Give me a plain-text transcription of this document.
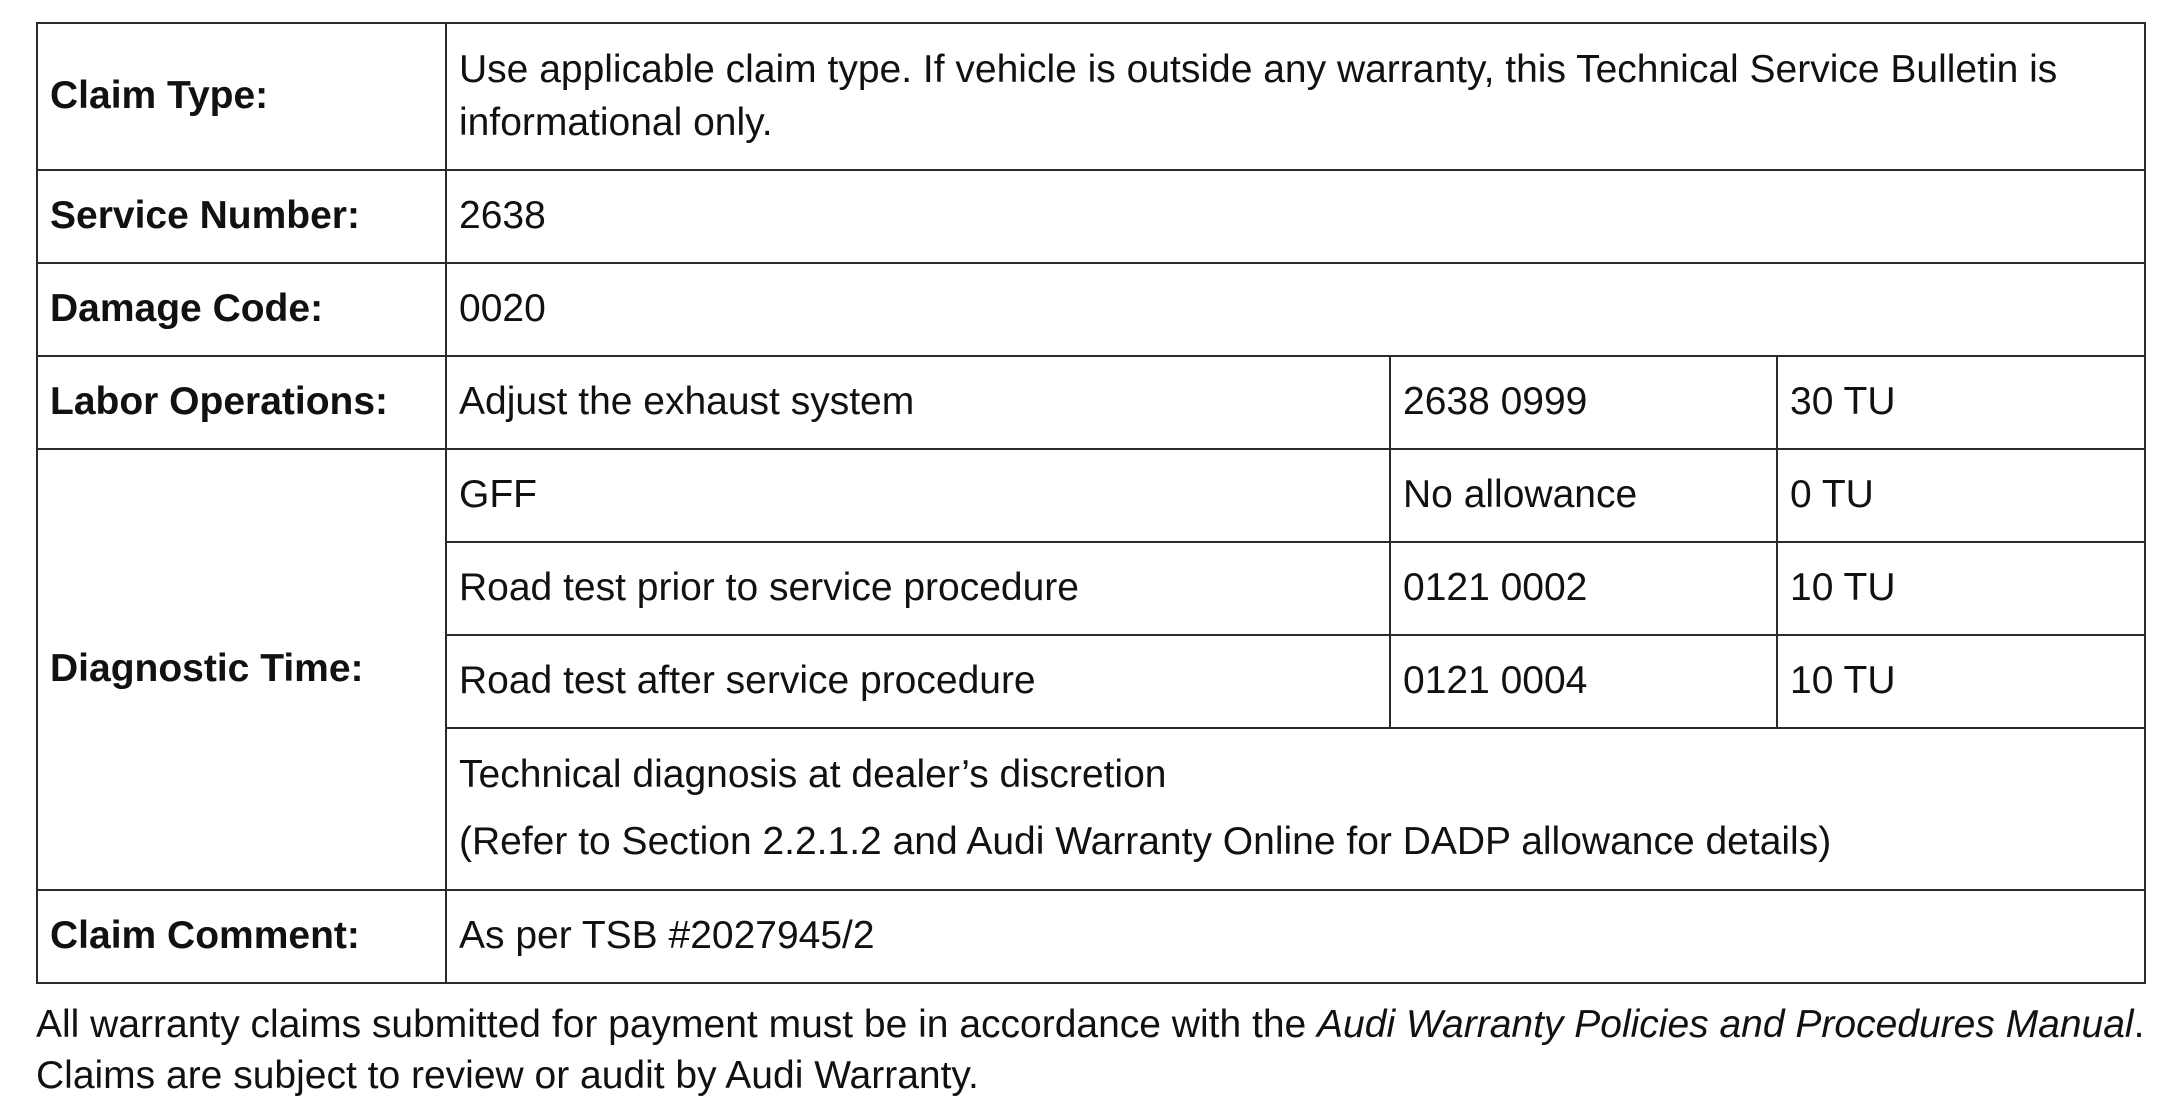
Claim Type:	Use applicable claim type. If vehicle is outside any warranty, this Technical Service Bulletin is informational only.		
Service Number:	2638		
Damage Code:	0020		
Labor Operations:	Adjust the exhaust system	2638 0999	30 TU
Diagnostic Time:	GFF	No allowance	0 TU
	Road test prior to service procedure	0121 0002	10 TU
	Road test after service procedure	0121 0004	10 TU

	Technical diagnosis at dealer’s discretion
(Refer to Section 2.2.1.2 and Audi Warranty Online for DADP allowance details)		

Claim Comment:	As per TSB #2027945/2		
All warranty claims submitted for payment must be in accordance with the Audi Warranty Policies and Procedures Manual. Claims are subject to review or audit by Audi Warranty.
